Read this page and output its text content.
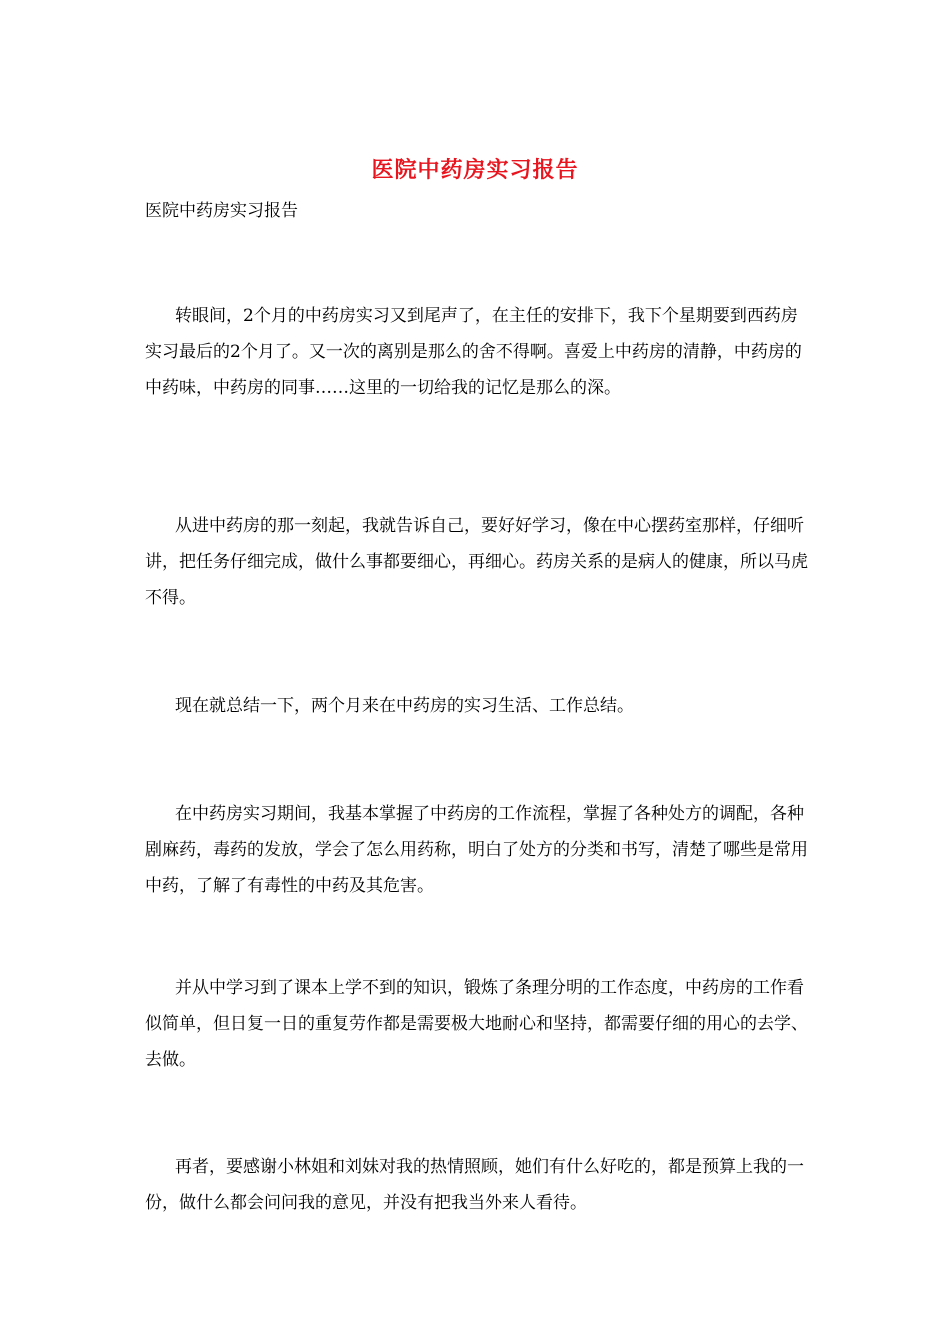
医院中药房实习报告
医院中药房实习报告

转眼间，2个月的中药房实习又到尾声了，在主任的安排下，我下个星期要到西药房实习最后的2个月了。又一次的离别是那么的舍不得啊。喜爱上中药房的清静，中药房的中药味，中药房的同事……这里的一切给我的记忆是那么的深。

从进中药房的那一刻起，我就告诉自己，要好好学习，像在中心摆药室那样，仔细听讲，把任务仔细完成，做什么事都要细心，再细心。药房关系的是病人的健康，所以马虎不得。

现在就总结一下，两个月来在中药房的实习生活、工作总结。

在中药房实习期间，我基本掌握了中药房的工作流程，掌握了各种处方的调配，各种剧麻药，毒药的发放，学会了怎么用药称，明白了处方的分类和书写，清楚了哪些是常用中药，了解了有毒性的中药及其危害。

并从中学习到了课本上学不到的知识，锻炼了条理分明的工作态度，中药房的工作看似简单，但日复一日的重复劳作都是需要极大地耐心和坚持，都需要仔细的用心的去学、去做。

再者，要感谢小林姐和刘妹对我的热情照顾，她们有什么好吃的，都是预算上我的一份，做什么都会问问我的意见，并没有把我当外来人看待。
